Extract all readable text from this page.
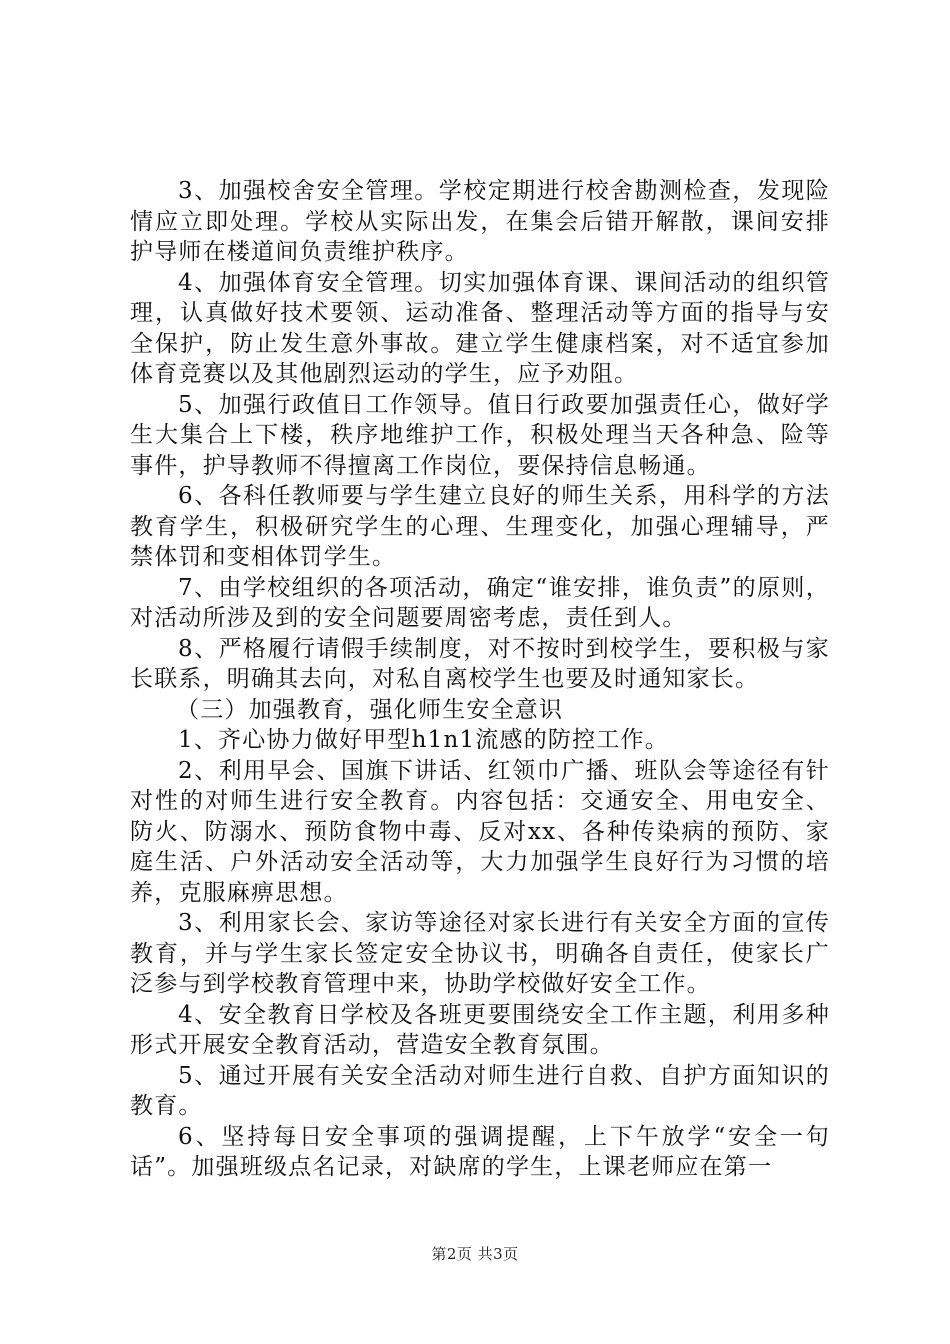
3、加强校舍安全管理。学校定期进行校舍勘测检查，发现险情应立即处理。学校从实际出发，在集会后错开解散，课间安排护导师在楼道间负责维护秩序。

4、加强体育安全管理。切实加强体育课、课间活动的组织管理，认真做好技术要领、运动准备、整理活动等方面的指导与安全保护，防止发生意外事故。建立学生健康档案，对不适宜参加体育竞赛以及其他剧烈运动的学生，应予劝阻。

5、加强行政值日工作领导。值日行政要加强责任心，做好学生大集合上下楼，秩序地维护工作，积极处理当天各种急、险等事件，护导教师不得擅离工作岗位，要保持信息畅通。

6、各科任教师要与学生建立良好的师生关系，用科学的方法教育学生，积极研究学生的心理、生理变化，加强心理辅导，严禁体罚和变相体罚学生。

7、由学校组织的各项活动，确定“谁安排，谁负责”的原则，对活动所涉及到的安全问题要周密考虑，责任到人。

8、严格履行请假手续制度，对不按时到校学生，要积极与家长联系，明确其去向，对私自离校学生也要及时通知家长。

（三）加强教育，强化师生安全意识

1、齐心协力做好甲型h1n1流感的防控工作。

2、利用早会、国旗下讲话、红领巾广播、班队会等途径有针对性的对师生进行安全教育。内容包括：交通安全、用电安全、防火、防溺水、预防食物中毒、反对xx、各种传染病的预防、家庭生活、户外活动安全活动等，大力加强学生良好行为习惯的培养，克服麻痹思想。

3、利用家长会、家访等途径对家长进行有关安全方面的宣传教育，并与学生家长签定安全协议书，明确各自责任，使家长广泛参与到学校教育管理中来，协助学校做好安全工作。

4、安全教育日学校及各班更要围绕安全工作主题，利用多种形式开展安全教育活动，营造安全教育氛围。

5、通过开展有关安全活动对师生进行自救、自护方面知识的教育。

6、坚持每日安全事项的强调提醒，上下午放学“安全一句话”。加强班级点名记录，对缺席的学生，上课老师应在第一

第2页 共3页
